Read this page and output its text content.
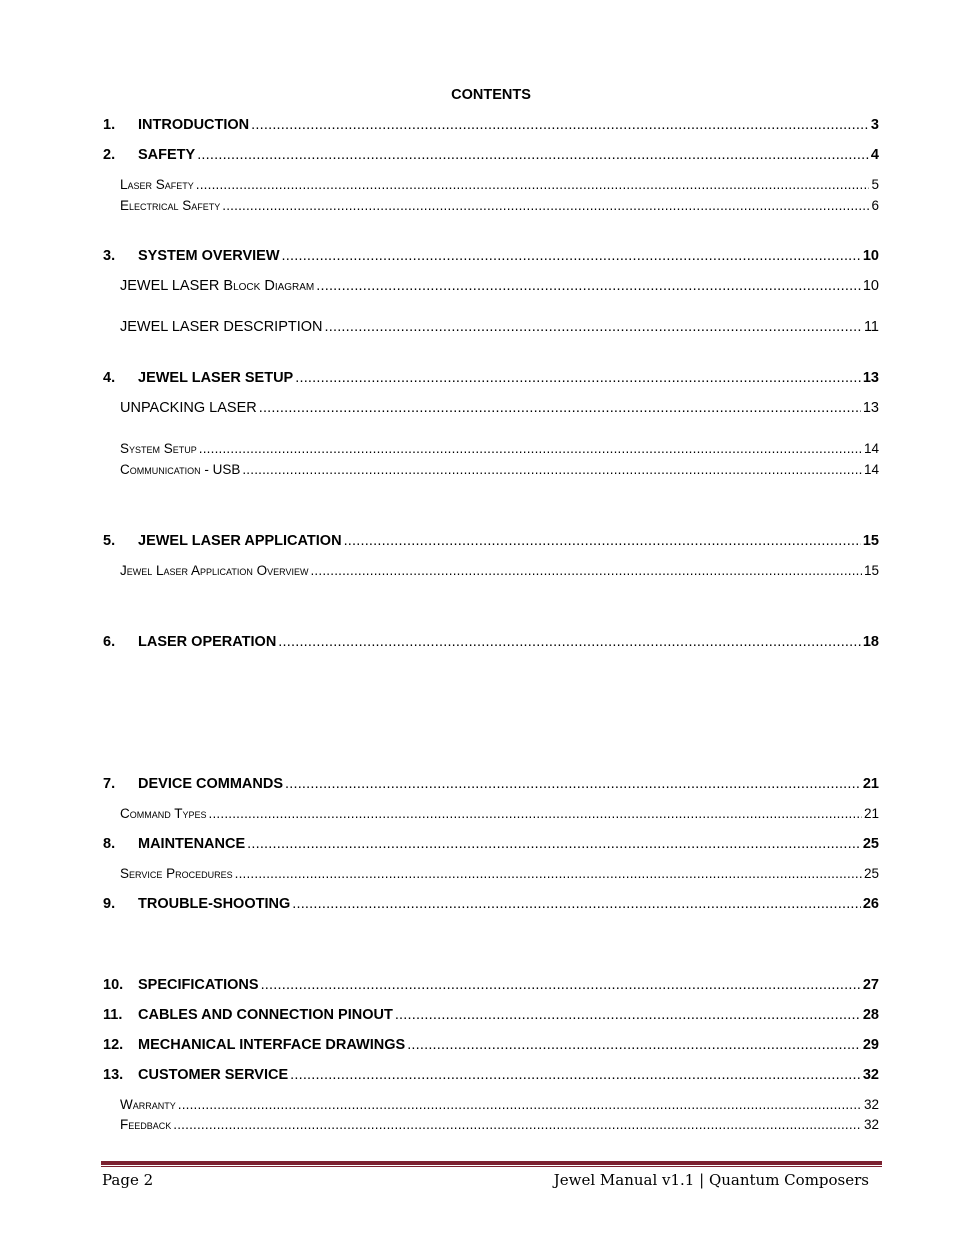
CONTENTS
1.	INTRODUCTION .....	3
2.	SAFETY .....	4
Laser Safety .....	5
Electrical Safety .....	6
3.	SYSTEM OVERVIEW .....	10
JEWEL LASER Block Diagram .....	10
JEWEL LASER DESCRIPTION .....	11
4.	JEWEL LASER SETUP .....	13
UNPACKING LASER .....	13
System Setup .....	14
Communication - USB .....	14
5.	JEWEL LASER APPLICATION .....	15
Jewel Laser Application Overview .....	15
6.	LASER OPERATION .....	18
7.	DEVICE COMMANDS .....	21
Command Types .....	21
8.	MAINTENANCE .....	25
Service Procedures .....	25
9.	TROUBLE-SHOOTING .....	26
10.	SPECIFICATIONS .....	27
11.	CABLES AND CONNECTION PINOUT .....	28
12.	MECHANICAL INTERFACE DRAWINGS .....	29
13.	CUSTOMER SERVICE .....	32
Warranty .....	32
Feedback .....	32
Page 2	Jewel Manual v1.1 | Quantum Composers
